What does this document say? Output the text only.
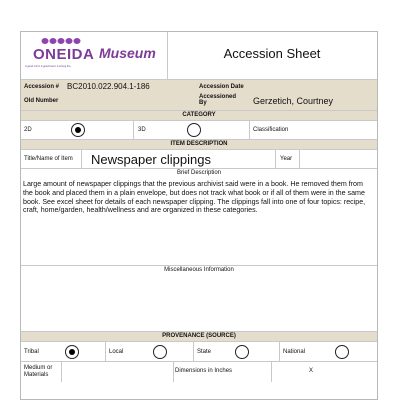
ONEIDA
A good mind. A good heart. A strong fire.
Museum	Accession Sheet
Accession # BC2010.022.904.1-186	Accession Date
Old Number
Accessioned By	Gerzetich, Courtney
CATEGORY
2D	3D	Classification
ITEM DESCRIPTION
Title/Name of Item Newspaper clippings	Year
Brief Description
Large amount of newspaper clippings that the previous archivist said were in a book. He removed them from the book and placed them in a plain envelope, but does not track what book or if all of them were in the same book. See excel sheet for details of each newspaper clipping. The clippings fall into one of four topics: recipe, craft, home/garden, health/wellness and are organized in these categories.
Miscellaneous Information
PROVENANCE (SOURCE)
Tribal	Local	State	National
Medium or Materials
Dimensions in Inches	X
